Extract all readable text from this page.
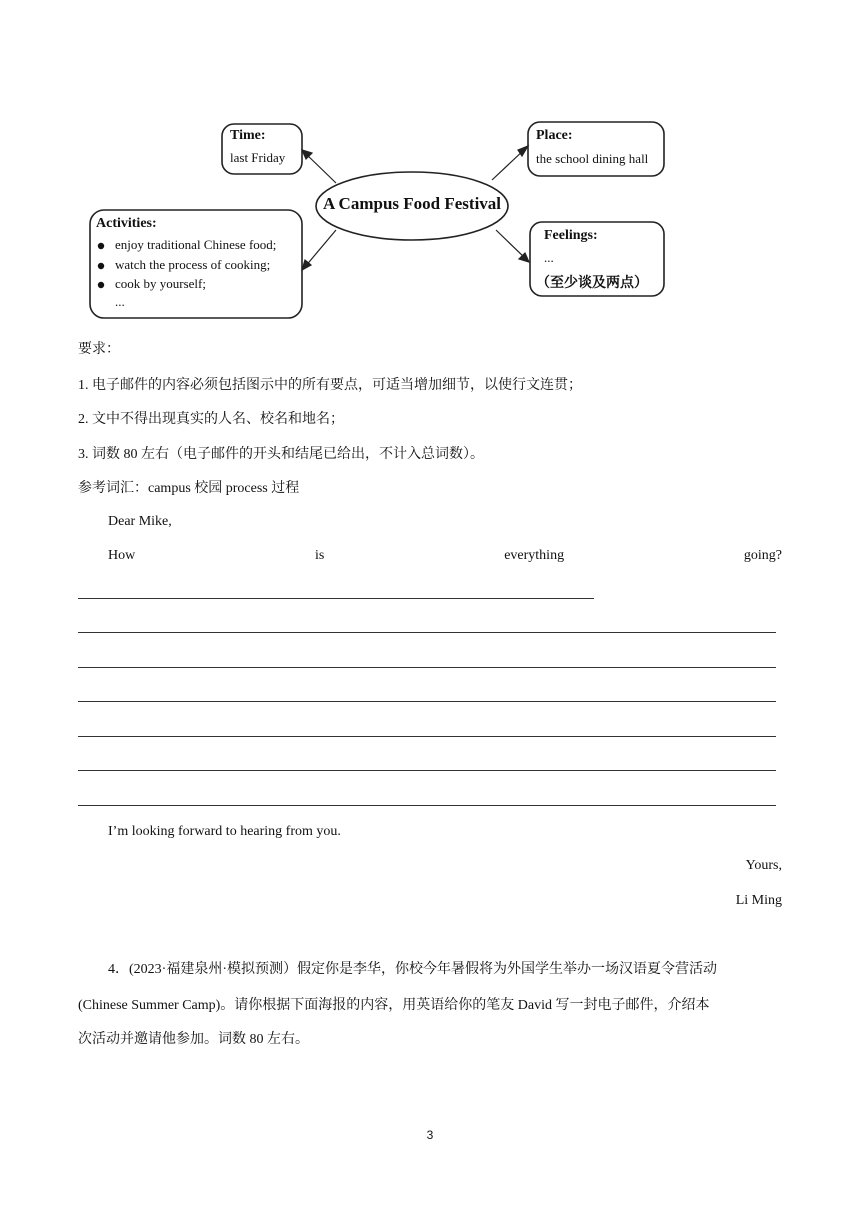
A Campus Food Festival
Time:
last Friday
Place:
the school dining hall
Activities:
enjoy traditional Chinese food;
watch the process of cooking;
cook by yourself;
...
Feelings:
...
（至少谈及两点）
要求：
1. 电子邮件的内容必须包括图示中的所有要点，可适当增加细节，以使行文连贯；
2. 文中不得出现真实的人名、校名和地名；
3. 词数 80 左右（电子邮件的开头和结尾已给出，不计入总词数）。
参考词汇：campus 校园 process 过程
Dear Mike,
How	is	everything	going?
I’m looking forward to hearing from you.
Yours,
Li Ming
4．(2023·福建泉州·模拟预测）假定你是李华，你校今年暑假将为外国学生举办一场汉语夏令营活动
(Chinese Summer Camp)。请你根据下面海报的内容，用英语给你的笔友 David 写一封电子邮件，介绍本
次活动并邀请他参加。词数 80 左右。
3
